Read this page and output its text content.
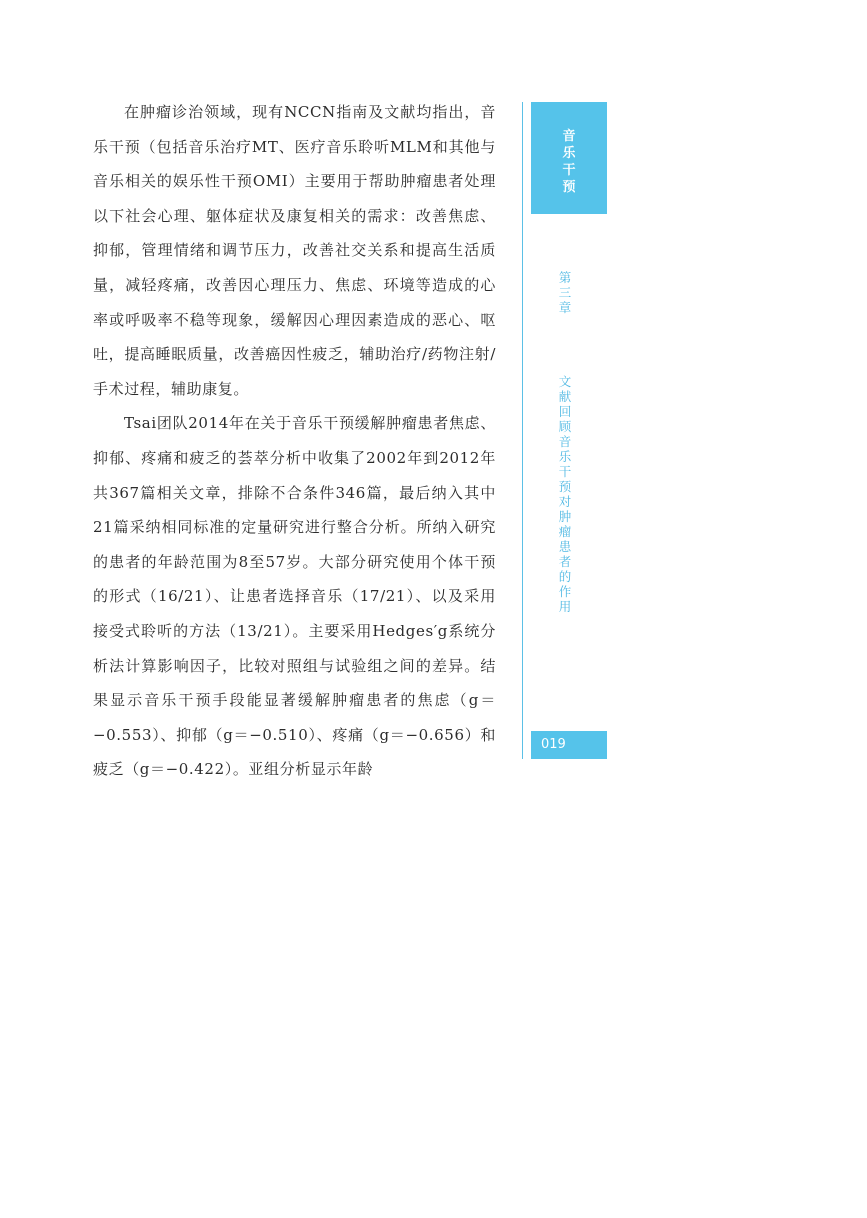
在肿瘤诊治领域，现有NCCN指南及文献均指出，音乐干预（包括音乐治疗MT、医疗音乐聆听MLM和其他与音乐相关的娱乐性干预OMI）主要用于帮助肿瘤患者处理以下社会心理、躯体症状及康复相关的需求：改善焦虑、抑郁，管理情绪和调节压力，改善社交关系和提高生活质量，减轻疼痛，改善因心理压力、焦虑、环境等造成的心率或呼吸率不稳等现象，缓解因心理因素造成的恶心、呕吐，提高睡眠质量，改善癌因性疲乏，辅助治疗/药物注射/手术过程，辅助康复。

Tsai团队2014年在关于音乐干预缓解肿瘤患者焦虑、抑郁、疼痛和疲乏的荟萃分析中收集了2002年到2012年共367篇相关文章，排除不合条件346篇，最后纳入其中21篇采纳相同标准的定量研究进行整合分析。所纳入研究的患者的年龄范围为8至57岁。大部分研究使用个体干预的形式（16/21）、让患者选择音乐（17/21）、以及采用接受式聆听的方法（13/21）。主要采用Hedges′g系统分析法计算影响因子，比较对照组与试验组之间的差异。结果显示音乐干预手段能显著缓解肿瘤患者的焦虑（g＝−0.553）、抑郁（g＝−0.510）、疼痛（g＝−0.656）和疲乏（g＝−0.422）。亚组分析显示年龄

音
乐
干
预

第
三
章

文
献
回
顾
音
乐
干
预
对
肿
瘤
患
者
的
作
用

019
